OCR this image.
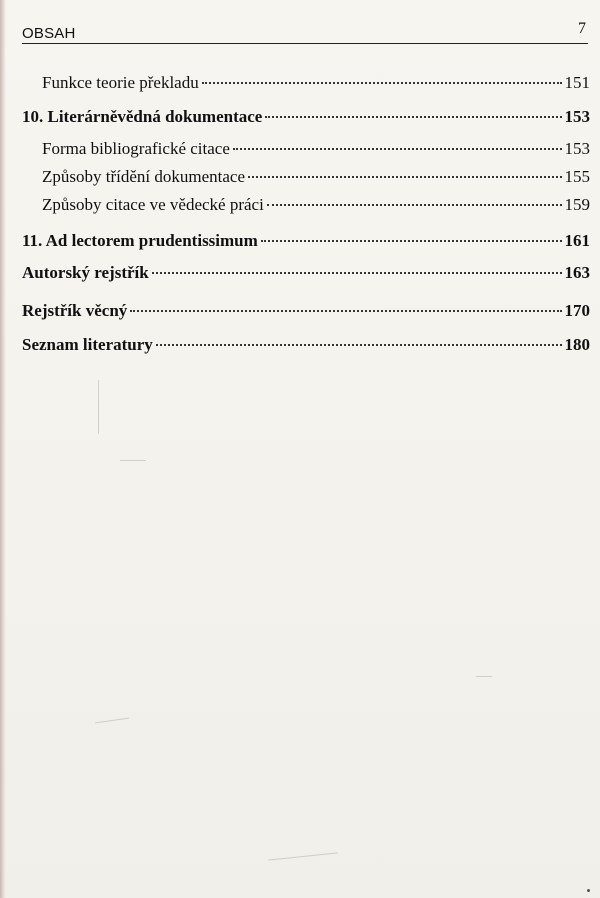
OBSAH	7
Funkce teorie překladu	151
10. Literárněvědná dokumentace	153
Forma bibliografické citace	153
Způsoby třídění dokumentace	155
Způsoby citace ve vědecké práci	159
11. Ad lectorem prudentissimum	161
Autorský rejstřík	163
Rejstřík věcný	170
Seznam literatury	180
